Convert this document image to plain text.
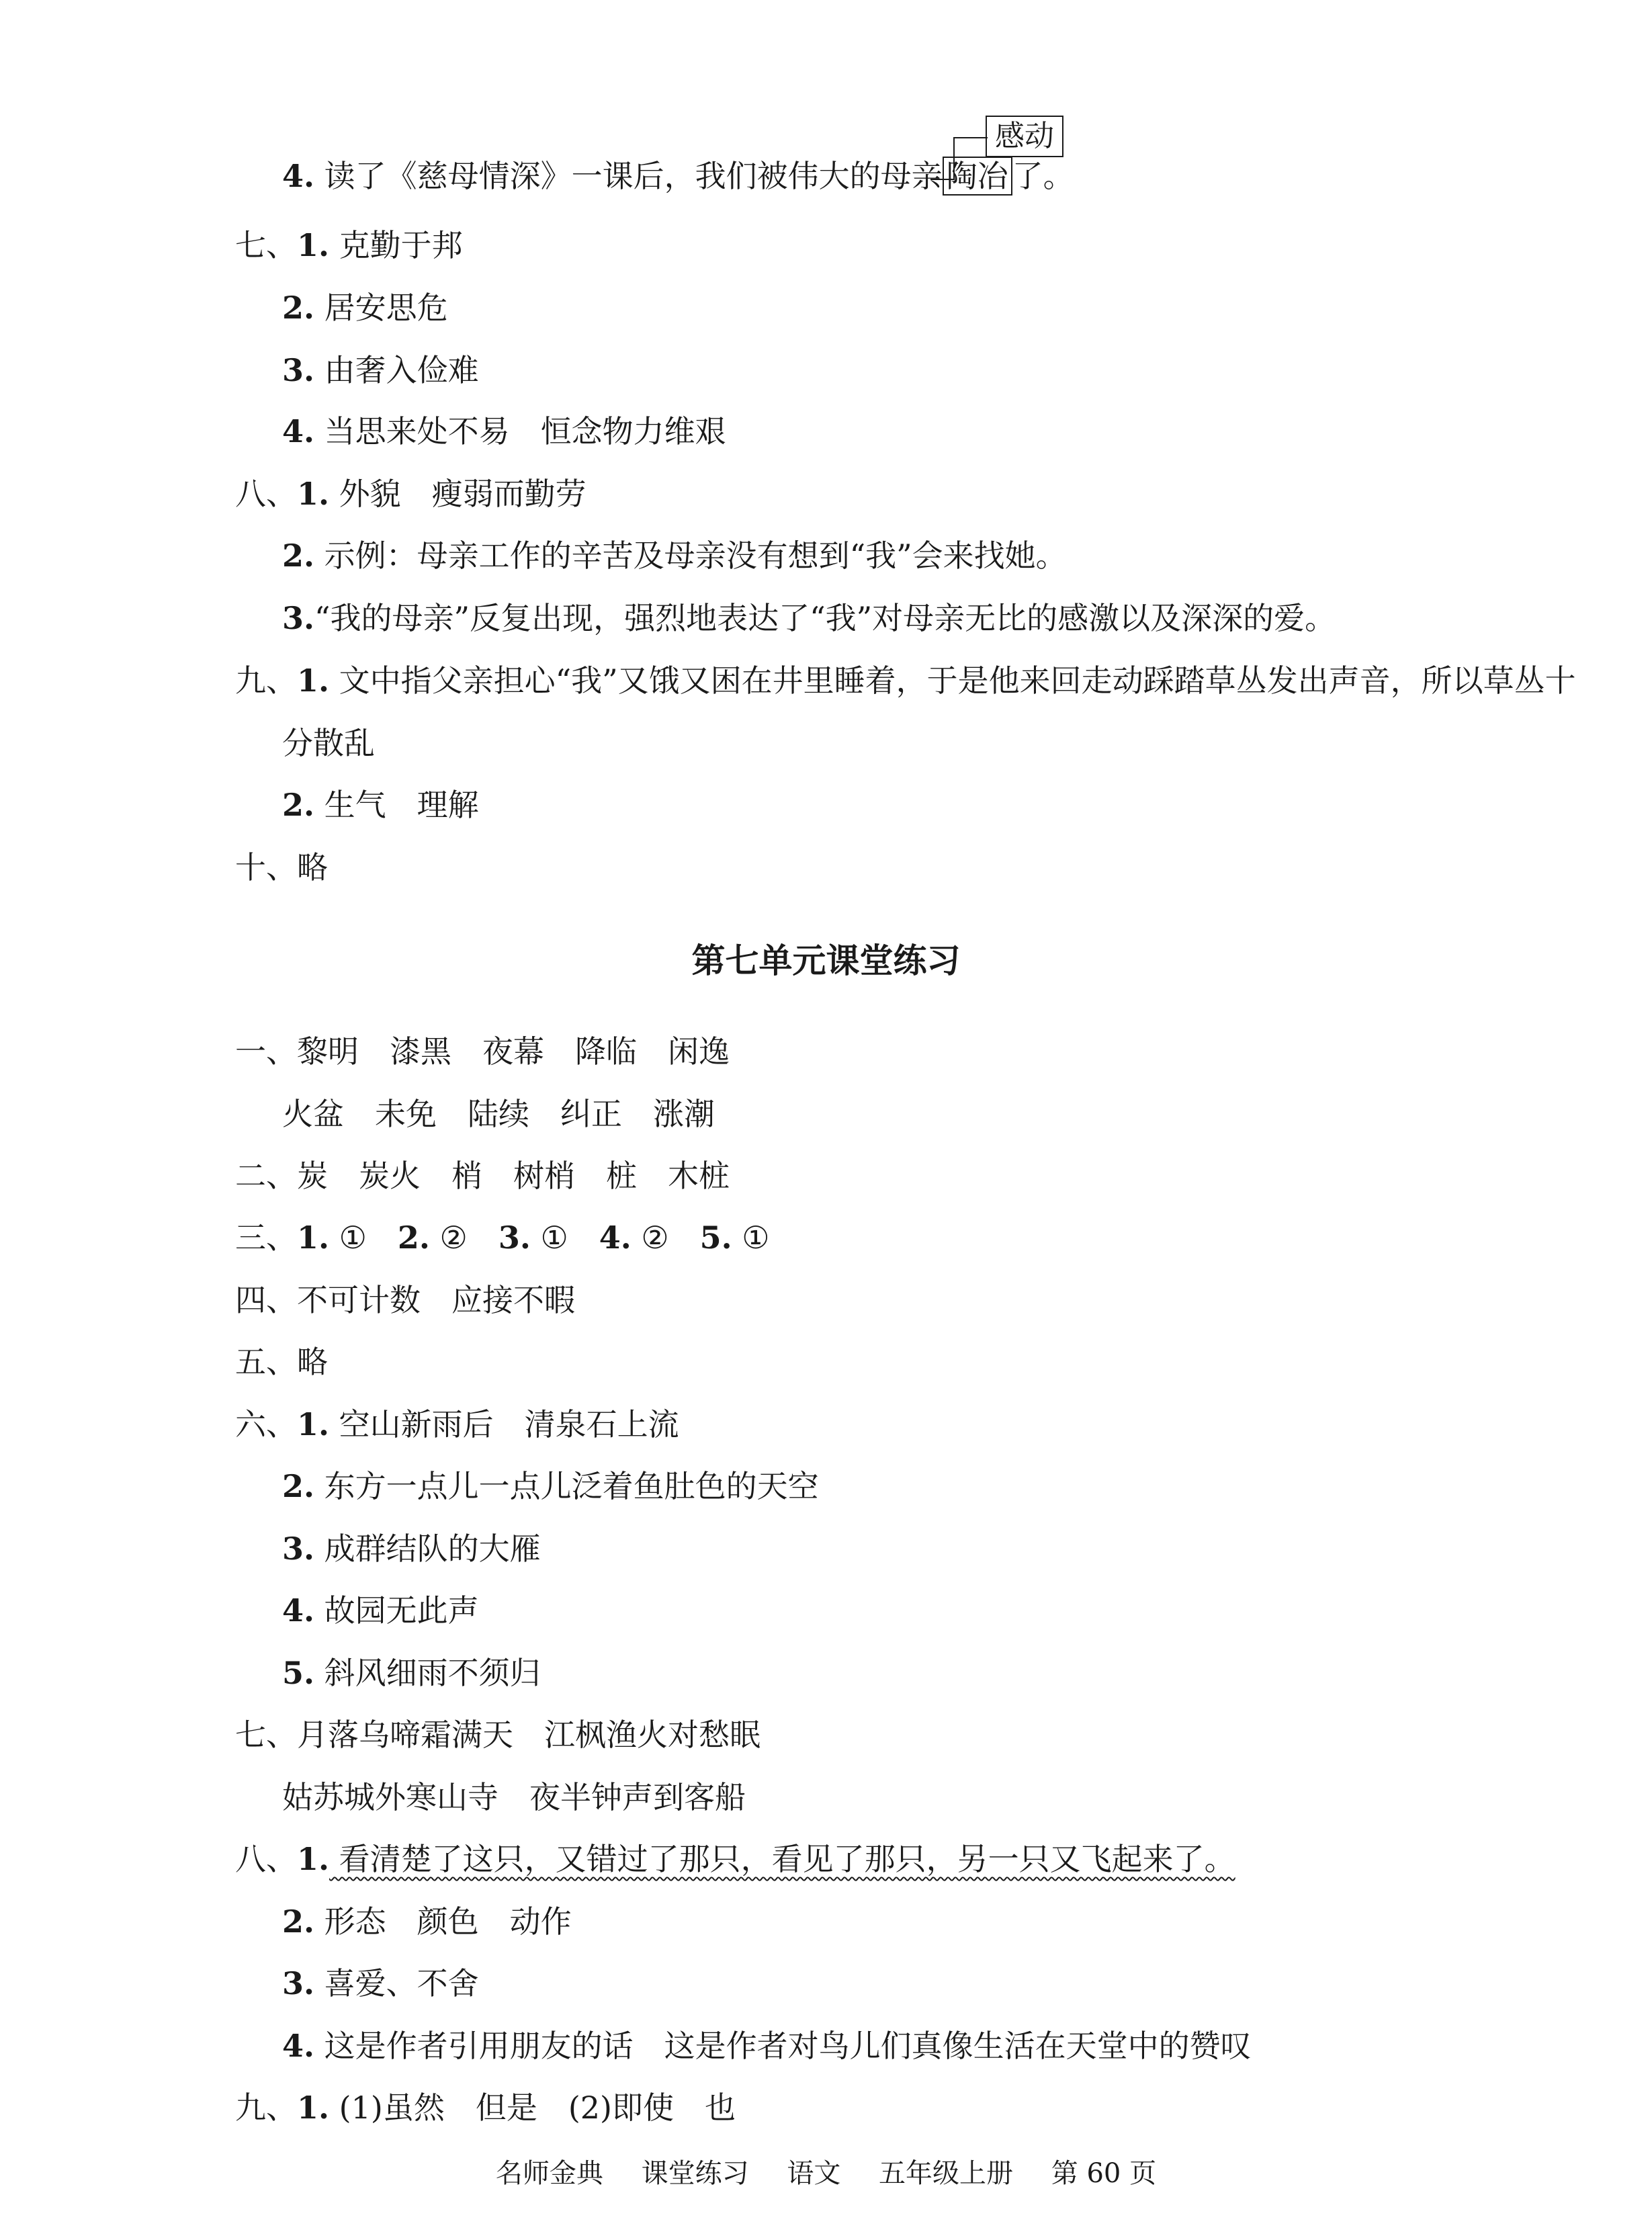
感动
4. 读了《慈母情深》一课后，我们被伟大的母亲 陶冶 了。
七、1. 克勤于邦
2. 居安思危
3. 由奢入俭难
4. 当思来处不易　恒念物力维艰
八、1. 外貌　瘦弱而勤劳
2. 示例：母亲工作的辛苦及母亲没有想到“我”会来找她。
3.“我的母亲”反复出现，强烈地表达了“我”对母亲无比的感激以及深深的爱。
九、1. 文中指父亲担心“我”又饿又困在井里睡着，于是他来回走动踩踏草丛发出声音，所以草丛十
分散乱
2. 生气　理解
十、略
第七单元课堂练习
一、黎明　漆黑　夜幕　降临　闲逸
火盆　未免　陆续　纠正　涨潮
二、炭　炭火　梢　树梢　桩　木桩
三、1. ①　2. ②　3. ①　4. ②　5. ①
四、不可计数　应接不暇
五、略
六、1. 空山新雨后　清泉石上流
2. 东方一点儿一点儿泛着鱼肚色的天空
3. 成群结队的大雁
4. 故园无此声
5. 斜风细雨不须归
七、月落乌啼霜满天　江枫渔火对愁眠
姑苏城外寒山寺　夜半钟声到客船
八、1. 看清楚了这只，又错过了那只，看见了那只，另一只又飞起来了。
2. 形态　颜色　动作
3. 喜爱、不舍
4. 这是作者引用朋友的话　这是作者对鸟儿们真像生活在天堂中的赞叹
九、1. (1)虽然　但是　(2)即使　也
名师金典 课堂练习 语文 五年级上册 第 60 页
